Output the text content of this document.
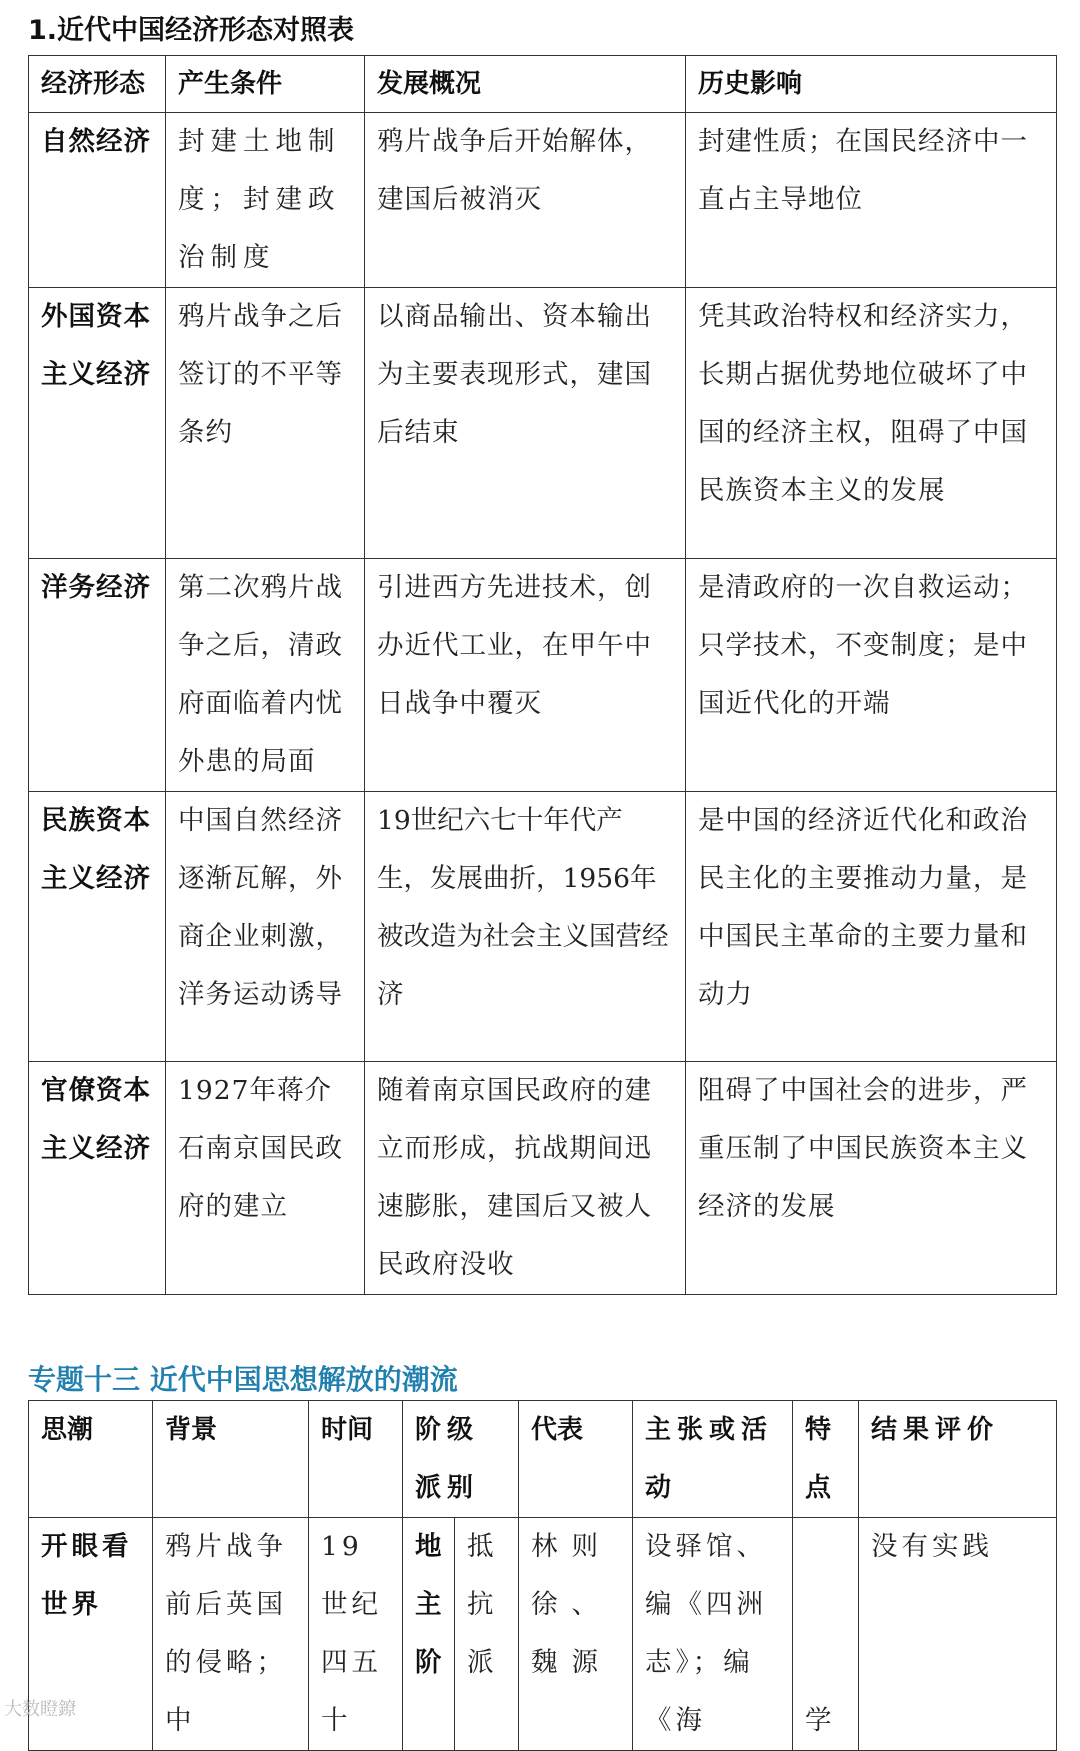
1.近代中国经济形态对照表
经济形态	产生条件	发展概况	历史影响
自然经济	封建土地制度；封建政治制度	鸦片战争后开始解体，建国后被消灭	封建性质；在国民经济中一直占主导地位
外国资本主义经济	鸦片战争之后签订的不平等条约	以商品输出、资本输出为主要表现形式，建国后结束	凭其政治特权和经济实力，长期占据优势地位破坏了中国的经济主权，阻碍了中国民族资本主义的发展
洋务经济	第二次鸦片战争之后，清政府面临着内忧外患的局面	引进西方先进技术，创办近代工业，在甲午中日战争中覆灭	是清政府的一次自救运动；只学技术，不变制度；是中国近代化的开端
民族资本主义经济	中国自然经济逐渐瓦解，外商企业刺激，洋务运动诱导	19世纪六七十年代产生，发展曲折，1956年被改造为社会主义国营经济	是中国的经济近代化和政治民主化的主要推动力量，是中国民主革命的主要力量和动力
官僚资本主义经济	1927年蒋介石南京国民政府的建立	随着南京国民政府的建立而形成，抗战期间迅速膨胀，建国后又被人民政府没收	阻碍了中国社会的进步，严重压制了中国民族资本主义经济的发展
专题十三 近代中国思想解放的潮流
思潮	背景	时间	阶级派别		代表	主张或活动	特点	结果评价
开眼看世界	鸦片战争前后英国的侵略；中	19世纪四五十	地主阶	抵抗派	林则徐、魏源	设驿馆、编《四洲志》；编《海	学	没有实践
大数瞪鐐
